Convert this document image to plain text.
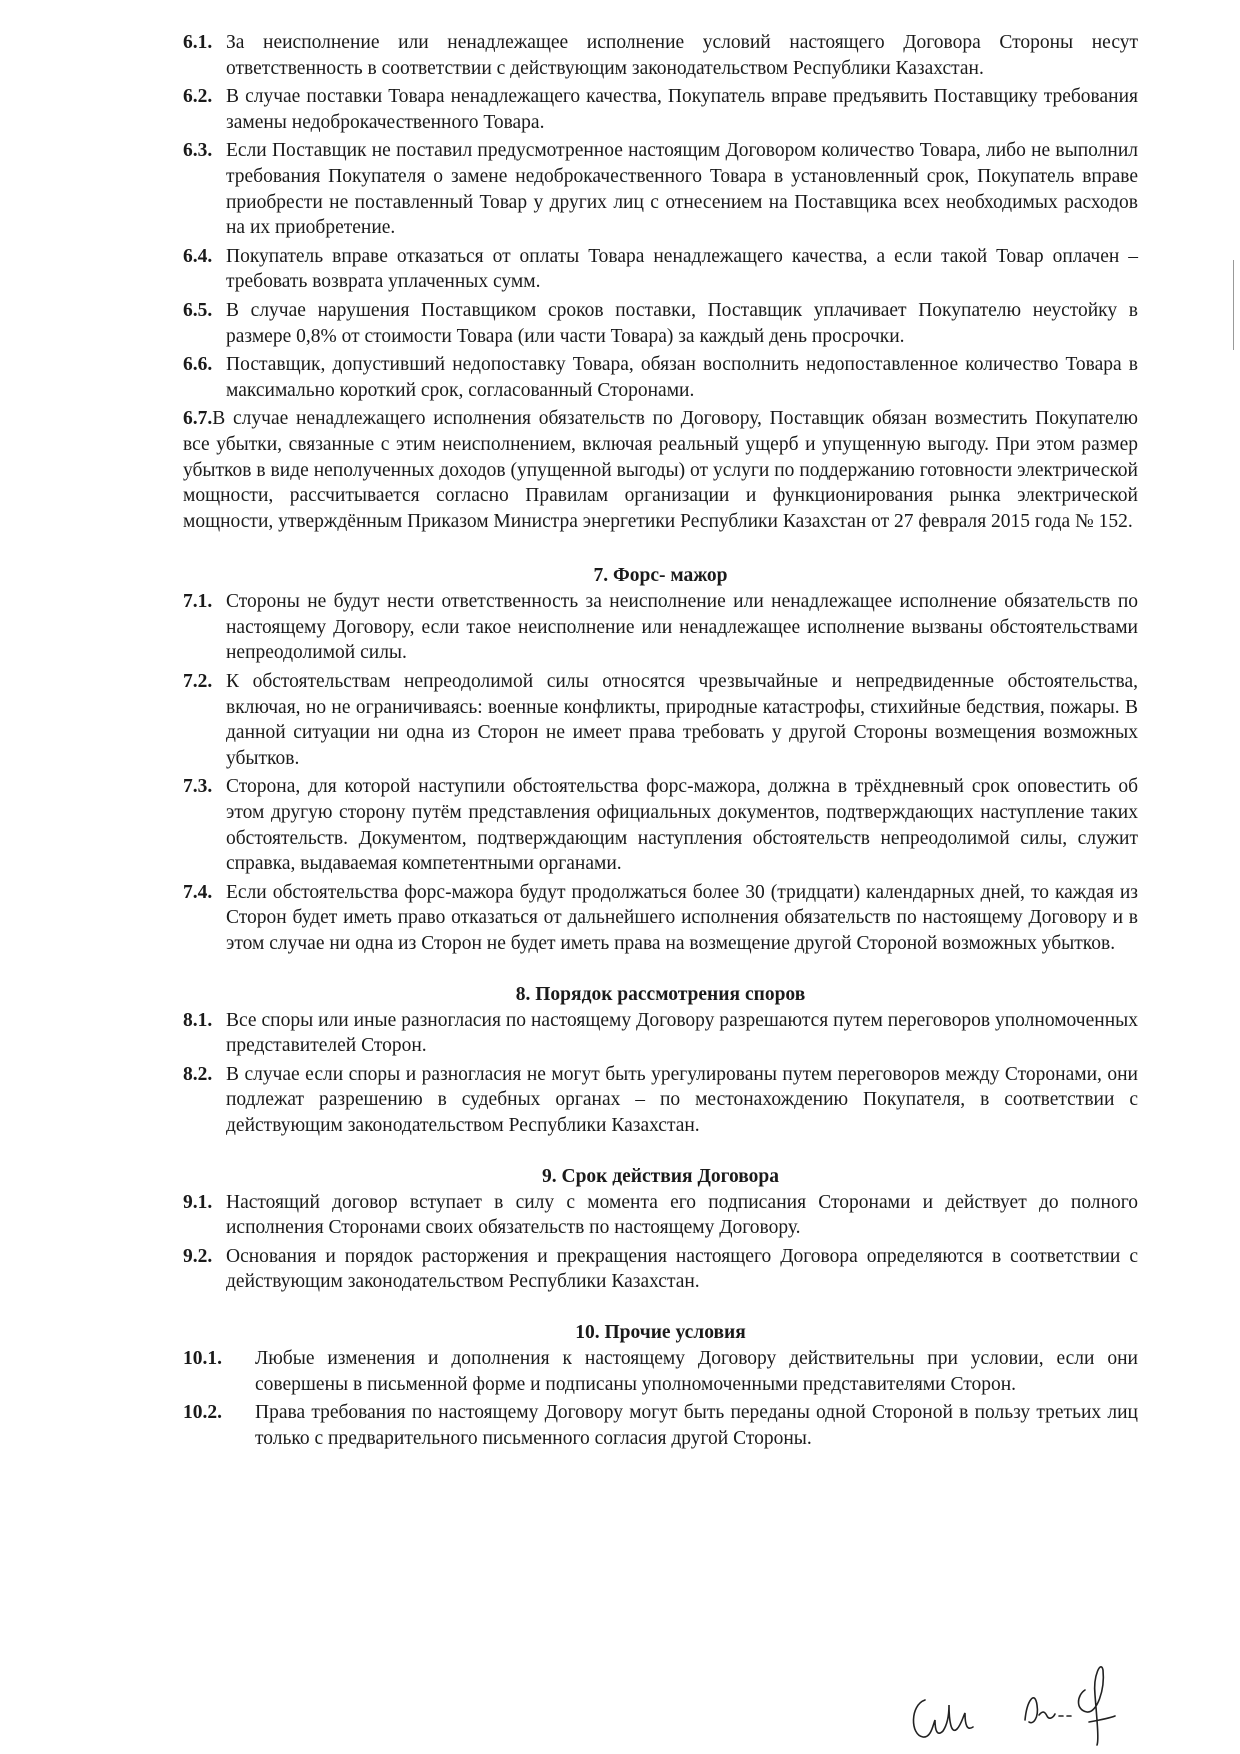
6.1. За неисполнение или ненадлежащее исполнение условий настоящего Договора Стороны несут ответственность в соответствии с действующим законодательством Республики Казахстан.
6.2. В случае поставки Товара ненадлежащего качества, Покупатель вправе предъявить Поставщику требования замены недоброкачественного Товара.
6.3. Если Поставщик не поставил предусмотренное настоящим Договором количество Товара, либо не выполнил требования Покупателя о замене недоброкачественного Товара в установленный срок, Покупатель вправе приобрести не поставленный Товар у других лиц с отнесением на Поставщика всех необходимых расходов на их приобретение.
6.4. Покупатель вправе отказаться от оплаты Товара ненадлежащего качества, а если такой Товар оплачен – требовать возврата уплаченных сумм.
6.5. В случае нарушения Поставщиком сроков поставки, Поставщик уплачивает Покупателю неустойку в размере 0,8% от стоимости Товара (или части Товара) за каждый день просрочки.
6.6. Поставщик, допустивший недопоставку Товара, обязан восполнить недопоставленное количество Товара в максимально короткий срок, согласованный Сторонами.
6.7.В случае ненадлежащего исполнения обязательств по Договору, Поставщик обязан возместить Покупателю все убытки, связанные с этим неисполнением, включая реальный ущерб и упущенную выгоду. При этом размер убытков в виде неполученных доходов (упущенной выгоды) от услуги по поддержанию готовности электрической мощности, рассчитывается согласно Правилам организации и функционирования рынка электрической мощности, утверждённым Приказом Министра энергетики Республики Казахстан от 27 февраля 2015 года № 152.
7. Форс- мажор
7.1. Стороны не будут нести ответственность за неисполнение или ненадлежащее исполнение обязательств по настоящему Договору, если такое неисполнение или ненадлежащее исполнение вызваны обстоятельствами непреодолимой силы.
7.2. К обстоятельствам непреодолимой силы относятся чрезвычайные и непредвиденные обстоятельства, включая, но не ограничиваясь: военные конфликты, природные катастрофы, стихийные бедствия, пожары. В данной ситуации ни одна из Сторон не имеет права требовать у другой Стороны возмещения возможных убытков.
7.3. Сторона, для которой наступили обстоятельства форс-мажора, должна в трёхдневный срок оповестить об этом другую сторону путём представления официальных документов, подтверждающих наступление таких обстоятельств. Документом, подтверждающим наступления обстоятельств непреодолимой силы, служит справка, выдаваемая компетентными органами.
7.4. Если обстоятельства форс-мажора будут продолжаться более 30 (тридцати) календарных дней, то каждая из Сторон будет иметь право отказаться от дальнейшего исполнения обязательств по настоящему Договору и в этом случае ни одна из Сторон не будет иметь права на возмещение другой Стороной возможных убытков.
8. Порядок рассмотрения споров
8.1. Все споры или иные разногласия по настоящему Договору разрешаются путем переговоров уполномоченных представителей Сторон.
8.2. В случае если споры и разногласия не могут быть урегулированы путем переговоров между Сторонами, они подлежат разрешению в судебных органах – по местонахождению Покупателя, в соответствии с действующим законодательством Республики Казахстан.
9. Срок действия Договора
9.1. Настоящий договор вступает в силу с момента его подписания Сторонами и действует до полного исполнения Сторонами своих обязательств по настоящему Договору.
9.2. Основания и порядок расторжения и прекращения настоящего Договора определяются в соответствии с действующим законодательством Республики Казахстан.
10. Прочие условия
10.1.	Любые изменения и дополнения к настоящему Договору действительны при условии, если они совершены в письменной форме и подписаны уполномоченными представителями Сторон.
10.2.	Права требования по настоящему Договору могут быть переданы одной Стороной в пользу третьих лиц только с предварительного письменного согласия другой Стороны.
